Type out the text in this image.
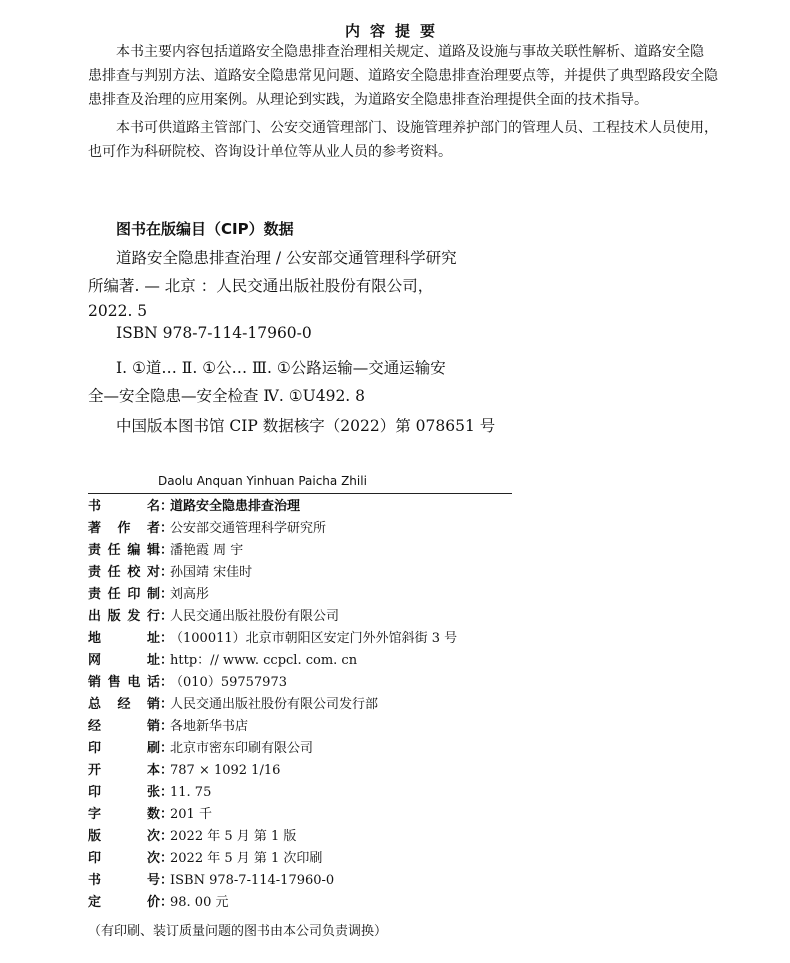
内容提要
本书主要内容包括道路安全隐患排查治理相关规定、道路及设施与事故关联性解析、道路安全隐
患排查与判别方法、道路安全隐患常见问题、道路安全隐患排查治理要点等，并提供了典型路段安全隐
患排查及治理的应用案例。从理论到实践，为道路安全隐患排查治理提供全面的技术指导。
本书可供道路主管部门、公安交通管理部门、设施管理养护部门的管理人员、工程技术人员使用，
也可作为科研院校、咨询设计单位等从业人员的参考资料。
图书在版编目（CIP）数据
道路安全隐患排查治理 / 公安部交通管理科学研究
所编著. — 北京 ：人民交通出版社股份有限公司，
2022. 5
ISBN 978-7-114-17960-0
Ⅰ. ①道… Ⅱ. ①公… Ⅲ. ①公路运输—交通运输安
全—安全隐患—安全检查 Ⅳ. ①U492. 8
中国版本图书馆 CIP 数据核字（2022）第 078651 号
Daolu Anquan Yinhuan Paicha Zhili
书名：道路安全隐患排查治理
著作者：公安部交通管理科学研究所
责任编辑：潘艳霞 周 宇
责任校对：孙国靖 宋佳时
责任印制：刘高彤
出版发行：人民交通出版社股份有限公司
地址：（100011）北京市朝阳区安定门外外馆斜街 3 号
网址：http：// www. ccpcl. com. cn
销售电话：（010）59757973
总经销：人民交通出版社股份有限公司发行部
经销：各地新华书店
印刷：北京市密东印刷有限公司
开本：787 × 1092 1/16
印张：11. 75
字数：201 千
版次：2022 年 5 月 第 1 版
印次：2022 年 5 月 第 1 次印刷
书号：ISBN 978-7-114-17960-0
定价：98. 00 元
（有印刷、装订质量问题的图书由本公司负责调换）
